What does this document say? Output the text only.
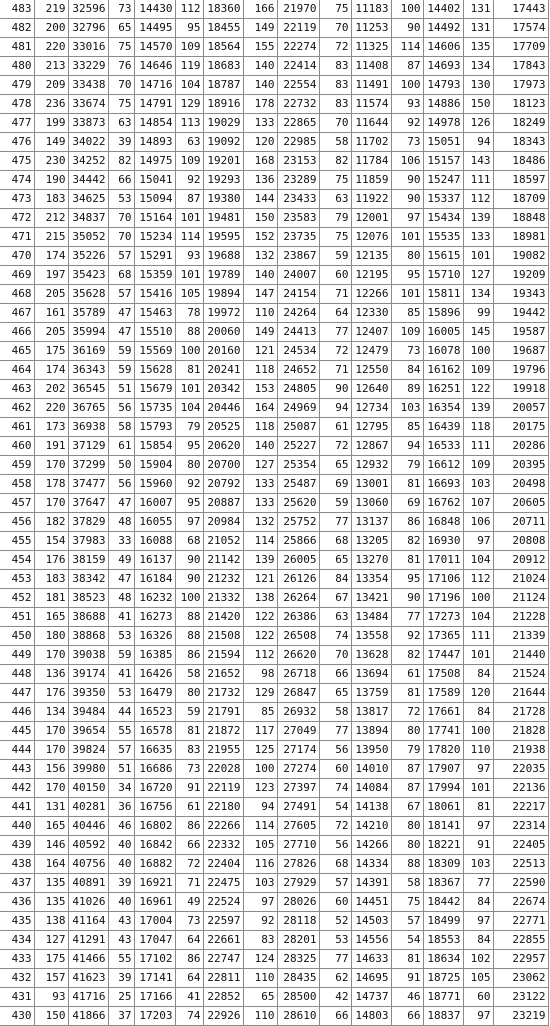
483	219	32596	73	14430	112	18360	166	21970	75	11183	100	14402	131	17443
482	200	32796	65	14495	95	18455	149	22119	70	11253	90	14492	131	17574
481	220	33016	75	14570	109	18564	155	22274	72	11325	114	14606	135	17709
480	213	33229	76	14646	119	18683	140	22414	83	11408	87	14693	134	17843
479	209	33438	70	14716	104	18787	140	22554	83	11491	100	14793	130	17973
478	236	33674	75	14791	129	18916	178	22732	83	11574	93	14886	150	18123
477	199	33873	63	14854	113	19029	133	22865	70	11644	92	14978	126	18249
476	149	34022	39	14893	63	19092	120	22985	58	11702	73	15051	94	18343
475	230	34252	82	14975	109	19201	168	23153	82	11784	106	15157	143	18486
474	190	34442	66	15041	92	19293	136	23289	75	11859	90	15247	111	18597
473	183	34625	53	15094	87	19380	144	23433	63	11922	90	15337	112	18709
472	212	34837	70	15164	101	19481	150	23583	79	12001	97	15434	139	18848
471	215	35052	70	15234	114	19595	152	23735	75	12076	101	15535	133	18981
470	174	35226	57	15291	93	19688	132	23867	59	12135	80	15615	101	19082
469	197	35423	68	15359	101	19789	140	24007	60	12195	95	15710	127	19209
468	205	35628	57	15416	105	19894	147	24154	71	12266	101	15811	134	19343
467	161	35789	47	15463	78	19972	110	24264	64	12330	85	15896	99	19442
466	205	35994	47	15510	88	20060	149	24413	77	12407	109	16005	145	19587
465	175	36169	59	15569	100	20160	121	24534	72	12479	73	16078	100	19687
464	174	36343	59	15628	81	20241	118	24652	71	12550	84	16162	109	19796
463	202	36545	51	15679	101	20342	153	24805	90	12640	89	16251	122	19918
462	220	36765	56	15735	104	20446	164	24969	94	12734	103	16354	139	20057
461	173	36938	58	15793	79	20525	118	25087	61	12795	85	16439	118	20175
460	191	37129	61	15854	95	20620	140	25227	72	12867	94	16533	111	20286
459	170	37299	50	15904	80	20700	127	25354	65	12932	79	16612	109	20395
458	178	37477	56	15960	92	20792	133	25487	69	13001	81	16693	103	20498
457	170	37647	47	16007	95	20887	133	25620	59	13060	69	16762	107	20605
456	182	37829	48	16055	97	20984	132	25752	77	13137	86	16848	106	20711
455	154	37983	33	16088	68	21052	114	25866	68	13205	82	16930	97	20808
454	176	38159	49	16137	90	21142	139	26005	65	13270	81	17011	104	20912
453	183	38342	47	16184	90	21232	121	26126	84	13354	95	17106	112	21024
452	181	38523	48	16232	100	21332	138	26264	67	13421	90	17196	100	21124
451	165	38688	41	16273	88	21420	122	26386	63	13484	77	17273	104	21228
450	180	38868	53	16326	88	21508	122	26508	74	13558	92	17365	111	21339
449	170	39038	59	16385	86	21594	112	26620	70	13628	82	17447	101	21440
448	136	39174	41	16426	58	21652	98	26718	66	13694	61	17508	84	21524
447	176	39350	53	16479	80	21732	129	26847	65	13759	81	17589	120	21644
446	134	39484	44	16523	59	21791	85	26932	58	13817	72	17661	84	21728
445	170	39654	55	16578	81	21872	117	27049	77	13894	80	17741	100	21828
444	170	39824	57	16635	83	21955	125	27174	56	13950	79	17820	110	21938
443	156	39980	51	16686	73	22028	100	27274	60	14010	87	17907	97	22035
442	170	40150	34	16720	91	22119	123	27397	74	14084	87	17994	101	22136
441	131	40281	36	16756	61	22180	94	27491	54	14138	67	18061	81	22217
440	165	40446	46	16802	86	22266	114	27605	72	14210	80	18141	97	22314
439	146	40592	40	16842	66	22332	105	27710	56	14266	80	18221	91	22405
438	164	40756	40	16882	72	22404	116	27826	68	14334	88	18309	103	22513
437	135	40891	39	16921	71	22475	103	27929	57	14391	58	18367	77	22590
436	135	41026	40	16961	49	22524	97	28026	60	14451	75	18442	84	22674
435	138	41164	43	17004	73	22597	92	28118	52	14503	57	18499	97	22771
434	127	41291	43	17047	64	22661	83	28201	53	14556	54	18553	84	22855
433	175	41466	55	17102	86	22747	124	28325	77	14633	81	18634	102	22957
432	157	41623	39	17141	64	22811	110	28435	62	14695	91	18725	105	23062
431	93	41716	25	17166	41	22852	65	28500	42	14737	46	18771	60	23122
430	150	41866	37	17203	74	22926	110	28610	66	14803	66	18837	97	23219
